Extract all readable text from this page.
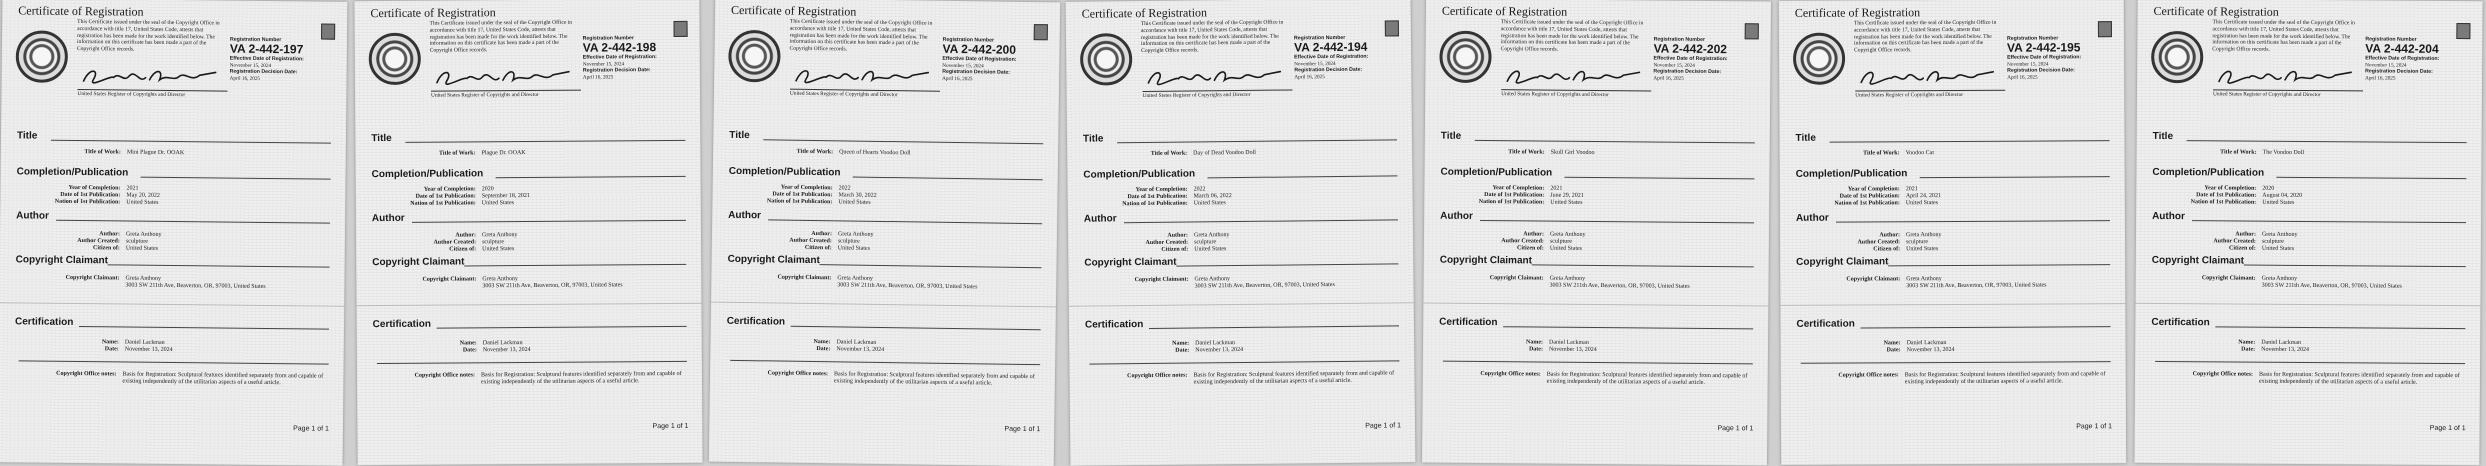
Certificate of Registration
This Certificate issued under the seal of the Copyright Office in accordance with title 17, United States Code, attests that registration has been made for the work identified below. The information on this certificate has been made a part of the Copyright Office records.
United States Register of Copyrights and Director
Registration Number
VA 2-442-197
Effective Date of Registration:
November 15, 2024
Registration Decision Date:
April 16, 2025
Title
Title of Work: Mini Plague Dr. OOAK
Completion/Publication
Year of Completion: 2021
Date of 1st Publication: May 20, 2022
Nation of 1st Publication: United States
Author
Author: Greta Anthony
Author Created: sculpture
Citizen of: United States
Copyright Claimant
Copyright Claimant: Greta Anthony
3003 SW 211th Ave, Beaverton, OR, 97003, United States
Certification
Name: Daniel Lackman
Date: November 13, 2024
Copyright Office notes: Basis for Registration: Sculptural features identified separately from and capable of existing independently of the utilitarian aspects of a useful article.
Page 1 of 1
Certificate of Registration
This Certificate issued under the seal of the Copyright Office in accordance with title 17, United States Code, attests that registration has been made for the work identified below. The information on this certificate has been made a part of the Copyright Office records.
United States Register of Copyrights and Director
Registration Number
VA 2-442-198
Effective Date of Registration:
November 15, 2024
Registration Decision Date:
April 16, 2025
Title
Title of Work: Plague Dr. OOAK
Completion/Publication
Year of Completion: 2020
Date of 1st Publication: September 18, 2021
Nation of 1st Publication: United States
Author
Author: Greta Anthony
Author Created: sculpture
Citizen of: United States
Copyright Claimant
Copyright Claimant: Greta Anthony
3003 SW 211th Ave, Beaverton, OR, 97003, United States
Certification
Name: Daniel Lackman
Date: November 13, 2024
Copyright Office notes: Basis for Registration: Sculptural features identified separately from and capable of existing independently of the utilitarian aspects of a useful article.
Page 1 of 1
Certificate of Registration
This Certificate issued under the seal of the Copyright Office in accordance with title 17, United States Code, attests that registration has been made for the work identified below. The information on this certificate has been made a part of the Copyright Office records.
United States Register of Copyrights and Director
Registration Number
VA 2-442-200
Effective Date of Registration:
November 15, 2024
Registration Decision Date:
April 16, 2025
Title
Title of Work: Queen of Hearts Voodoo Doll
Completion/Publication
Year of Completion: 2022
Date of 1st Publication: March 30, 2022
Nation of 1st Publication: United States
Author
Author: Greta Anthony
Author Created: sculpture
Citizen of: United States
Copyright Claimant
Copyright Claimant: Greta Anthony
3003 SW 211th Ave, Beaverton, OR, 97003, United States
Certification
Name: Daniel Lackman
Date: November 13, 2024
Copyright Office notes: Basis for Registration: Sculptural features identified separately from and capable of existing independently of the utilitarian aspects of a useful article.
Page 1 of 1
Certificate of Registration
This Certificate issued under the seal of the Copyright Office in accordance with title 17, United States Code, attests that registration has been made for the work identified below. The information on this certificate has been made a part of the Copyright Office records.
United States Register of Copyrights and Director
Registration Number
VA 2-442-194
Effective Date of Registration:
November 15, 2024
Registration Decision Date:
April 16, 2025
Title
Title of Work: Day of Dead Voodoo Doll
Completion/Publication
Year of Completion: 2022
Date of 1st Publication: March 06, 2022
Nation of 1st Publication: United States
Author
Author: Greta Anthony
Author Created: sculpture
Citizen of: United States
Copyright Claimant
Copyright Claimant: Greta Anthony
3003 SW 211th Ave, Beaverton, OR, 97003, United States
Certification
Name: Daniel Lackman
Date: November 13, 2024
Copyright Office notes: Basis for Registration: Sculptural features identified separately from and capable of existing independently of the utilitarian aspects of a useful article.
Page 1 of 1
Certificate of Registration
This Certificate issued under the seal of the Copyright Office in accordance with title 17, United States Code, attests that registration has been made for the work identified below. The information on this certificate has been made a part of the Copyright Office records.
United States Register of Copyrights and Director
Registration Number
VA 2-442-202
Effective Date of Registration:
November 15, 2024
Registration Decision Date:
April 16, 2025
Title
Title of Work: Skull Girl Voodoo
Completion/Publication
Year of Completion: 2021
Date of 1st Publication: June 29, 2021
Nation of 1st Publication: United States
Author
Author: Greta Anthony
Author Created: sculpture
Citizen of: United States
Copyright Claimant
Copyright Claimant: Greta Anthony
3003 SW 211th Ave, Beaverton, OR, 97003, United States
Certification
Name: Daniel Lackman
Date: November 13, 2024
Copyright Office notes: Basis for Registration: Sculptural features identified separately from and capable of existing independently of the utilitarian aspects of a useful article.
Page 1 of 1
Certificate of Registration
This Certificate issued under the seal of the Copyright Office in accordance with title 17, United States Code, attests that registration has been made for the work identified below. The information on this certificate has been made a part of the Copyright Office records.
United States Register of Copyrights and Director
Registration Number
VA 2-442-195
Effective Date of Registration:
November 15, 2024
Registration Decision Date:
April 16, 2025
Title
Title of Work: Voodoo Cat
Completion/Publication
Year of Completion: 2021
Date of 1st Publication: April 24, 2021
Nation of 1st Publication: United States
Author
Author: Greta Anthony
Author Created: sculpture
Citizen of: United States
Copyright Claimant
Copyright Claimant: Greta Anthony
3003 SW 211th Ave, Beaverton, OR, 97003, United States
Certification
Name: Daniel Lackman
Date: November 13, 2024
Copyright Office notes: Basis for Registration: Sculptural features identified separately from and capable of existing independently of the utilitarian aspects of a useful article.
Page 1 of 1
Certificate of Registration
This Certificate issued under the seal of the Copyright Office in accordance with title 17, United States Code, attests that registration has been made for the work identified below. The information on this certificate has been made a part of the Copyright Office records.
United States Register of Copyrights and Director
Registration Number
VA 2-442-204
Effective Date of Registration:
November 15, 2024
Registration Decision Date:
April 16, 2025
Title
Title of Work: The Voodoo Doll
Completion/Publication
Year of Completion: 2020
Date of 1st Publication: August 04, 2020
Nation of 1st Publication: United States
Author
Author: Greta Anthony
Author Created: sculpture
Citizen of: United States
Copyright Claimant
Copyright Claimant: Greta Anthony
3003 SW 211th Ave, Beaverton, OR, 97003, United States
Certification
Name: Daniel Lackman
Date: November 13, 2024
Copyright Office notes: Basis for Registration: Sculptural features identified separately from and capable of existing independently of the utilitarian aspects of a useful article.
Page 1 of 1
